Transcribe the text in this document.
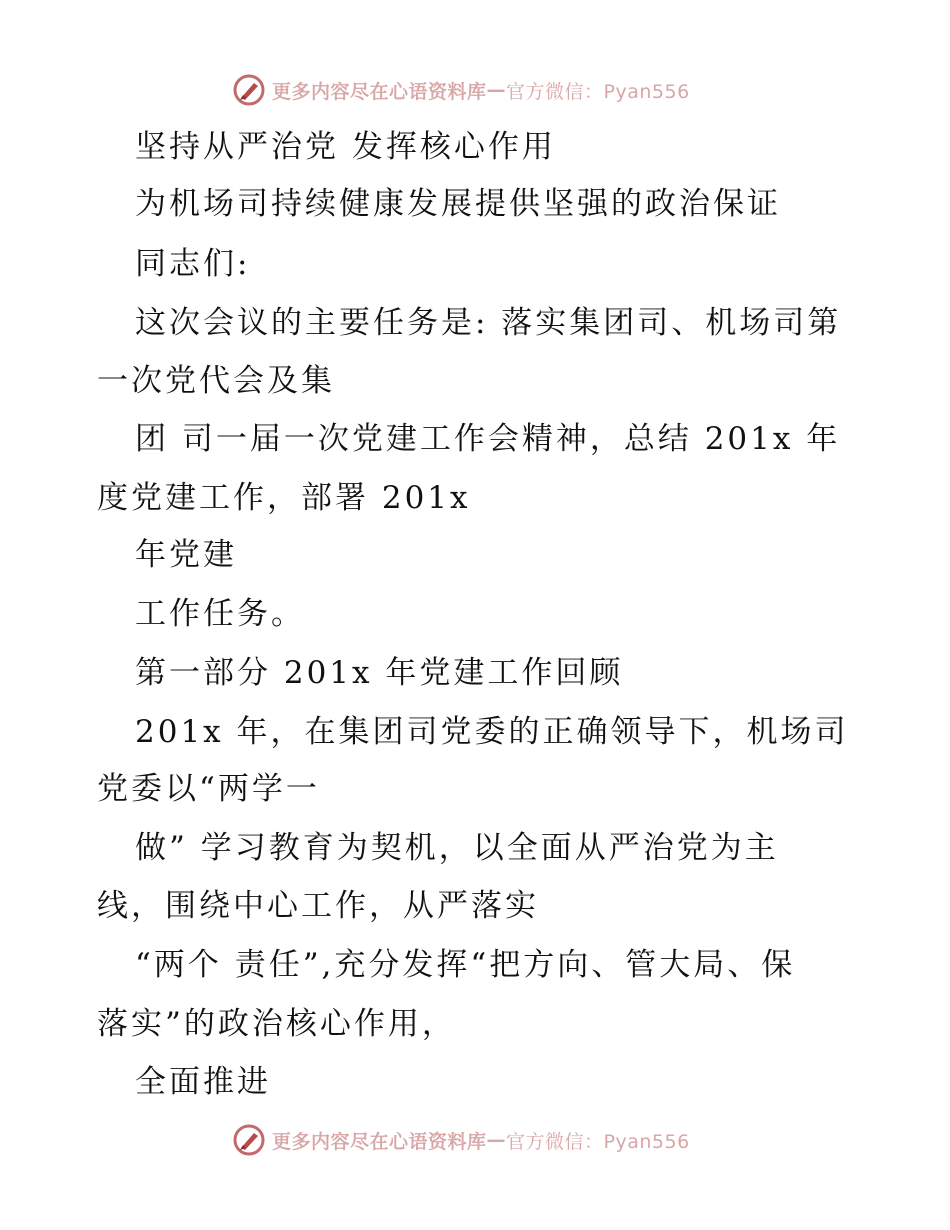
更多内容尽在心语资料库 — 官方微信：Pyan556
坚持从严治党 发挥核心作用
为机场司持续健康发展提供坚强的政治保证
同志们:
这次会议的主要任务是: 落实集团司、机场司第
一次党代会及集
团 司一届一次党建工作会精神，总结 201x 年
度党建工作，部署 201x
年党建
工作任务。
第一部分 201x 年党建工作回顾
201x 年，在集团司党委的正确领导下，机场司
党委以“两学一
做” 学习教育为契机，以全面从严治党为主
线，围绕中心工作，从严落实
“两个 责任”,充分发挥“把方向、管大局、保
落实”的政治核心作用，
全面推进
更多内容尽在心语资料库 — 官方微信：Pyan556
